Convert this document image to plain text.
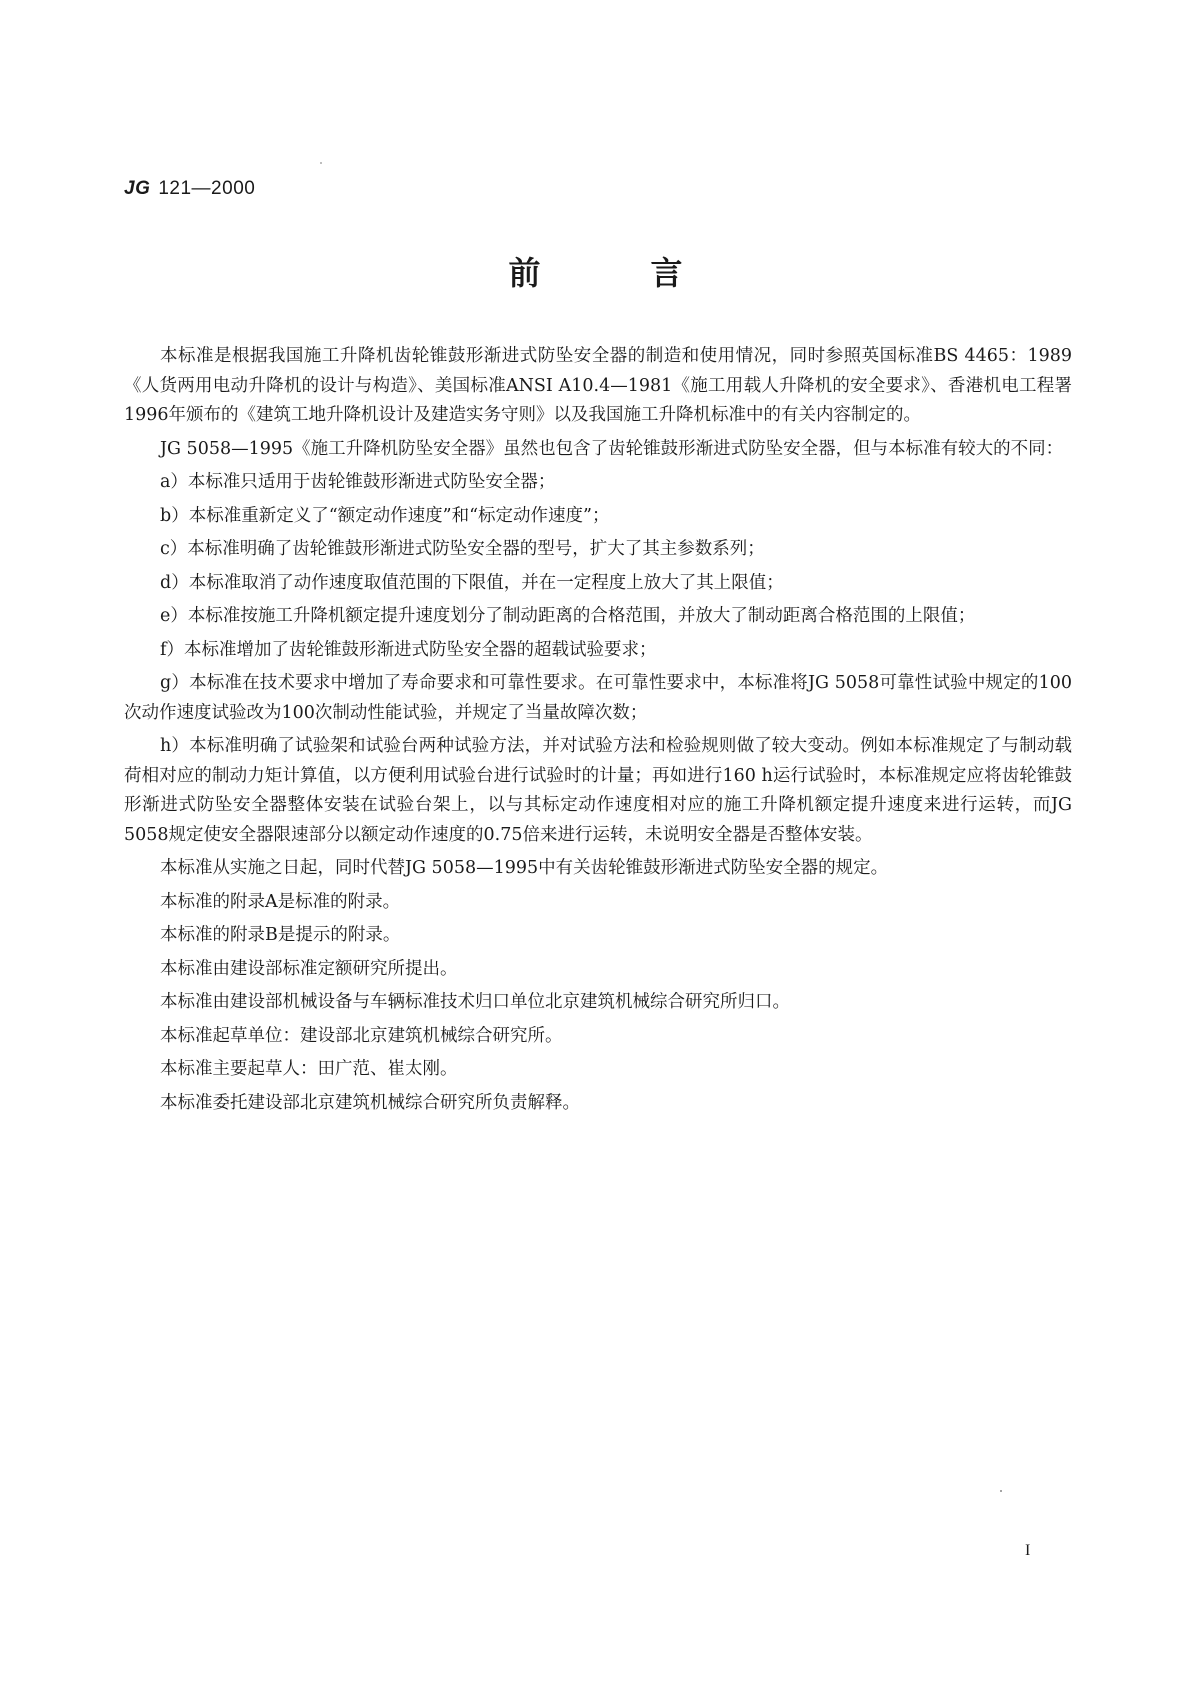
JG 121—2000
前言

本标准是根据我国施工升降机齿轮锥鼓形渐进式防坠安全器的制造和使用情况，同时参照英国标准BS 4465：1989《人货两用电动升降机的设计与构造》、美国标准ANSI A10.4—1981《施工用载人升降机的安全要求》、香港机电工程署1996年颁布的《建筑工地升降机设计及建造实务守则》以及我国施工升降机标准中的有关内容制定的。

JG 5058—1995《施工升降机防坠安全器》虽然也包含了齿轮锥鼓形渐进式防坠安全器，但与本标准有较大的不同：

a）本标准只适用于齿轮锥鼓形渐进式防坠安全器；

b）本标准重新定义了“额定动作速度”和“标定动作速度”；

c）本标准明确了齿轮锥鼓形渐进式防坠安全器的型号，扩大了其主参数系列；

d）本标准取消了动作速度取值范围的下限值，并在一定程度上放大了其上限值；

e）本标准按施工升降机额定提升速度划分了制动距离的合格范围，并放大了制动距离合格范围的上限值；

f）本标准增加了齿轮锥鼓形渐进式防坠安全器的超载试验要求；

g）本标准在技术要求中增加了寿命要求和可靠性要求。在可靠性要求中，本标准将JG 5058可靠性试验中规定的100次动作速度试验改为100次制动性能试验，并规定了当量故障次数；

h）本标准明确了试验架和试验台两种试验方法，并对试验方法和检验规则做了较大变动。例如本标准规定了与制动载荷相对应的制动力矩计算值，以方便利用试验台进行试验时的计量；再如进行160 h运行试验时，本标准规定应将齿轮锥鼓形渐进式防坠安全器整体安装在试验台架上，以与其标定动作速度相对应的施工升降机额定提升速度来进行运转，而JG 5058规定使安全器限速部分以额定动作速度的0.75倍来进行运转，未说明安全器是否整体安装。

本标准从实施之日起，同时代替JG 5058—1995中有关齿轮锥鼓形渐进式防坠安全器的规定。

本标准的附录A是标准的附录。

本标准的附录B是提示的附录。

本标准由建设部标准定额研究所提出。

本标准由建设部机械设备与车辆标准技术归口单位北京建筑机械综合研究所归口。

本标准起草单位：建设部北京建筑机械综合研究所。

本标准主要起草人：田广范、崔太刚。

本标准委托建设部北京建筑机械综合研究所负责解释。

I
